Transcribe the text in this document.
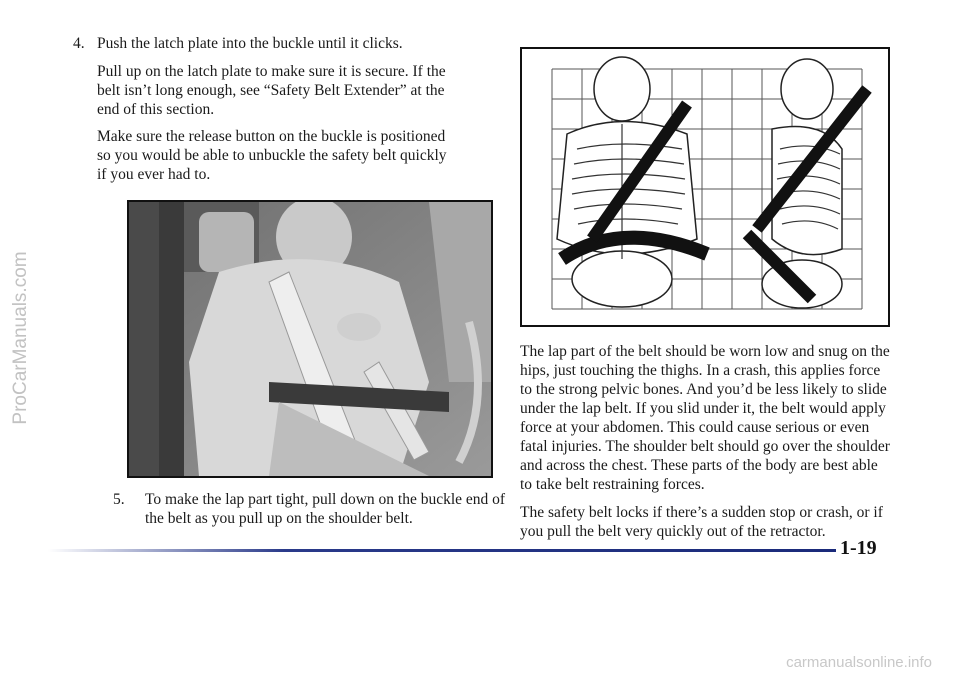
ProCarManuals.com
4. Push the latch plate into the buckle until it clicks.

Pull up on the latch plate to make sure it is secure. If the belt isn’t long enough, see “Safety Belt Extender” at the end of this section.

Make sure the release button on the buckle is positioned so you would be able to unbuckle the safety belt quickly if you ever had to.

5. To make the lap part tight, pull down on the buckle end of the belt as you pull up on the shoulder belt.

The lap part of the belt should be worn low and snug on the hips, just touching the thighs. In a crash, this applies force to the strong pelvic bones. And you’d be less likely to slide under the lap belt. If you slid under it, the belt would apply force at your abdomen. This could cause serious or even fatal injuries. The shoulder belt should go over the shoulder and across the chest. These parts of the body are best able to take belt restraining forces.

The safety belt locks if there’s a sudden stop or crash, or if you pull the belt very quickly out of the retractor.

1-19
carmanualsonline.info
